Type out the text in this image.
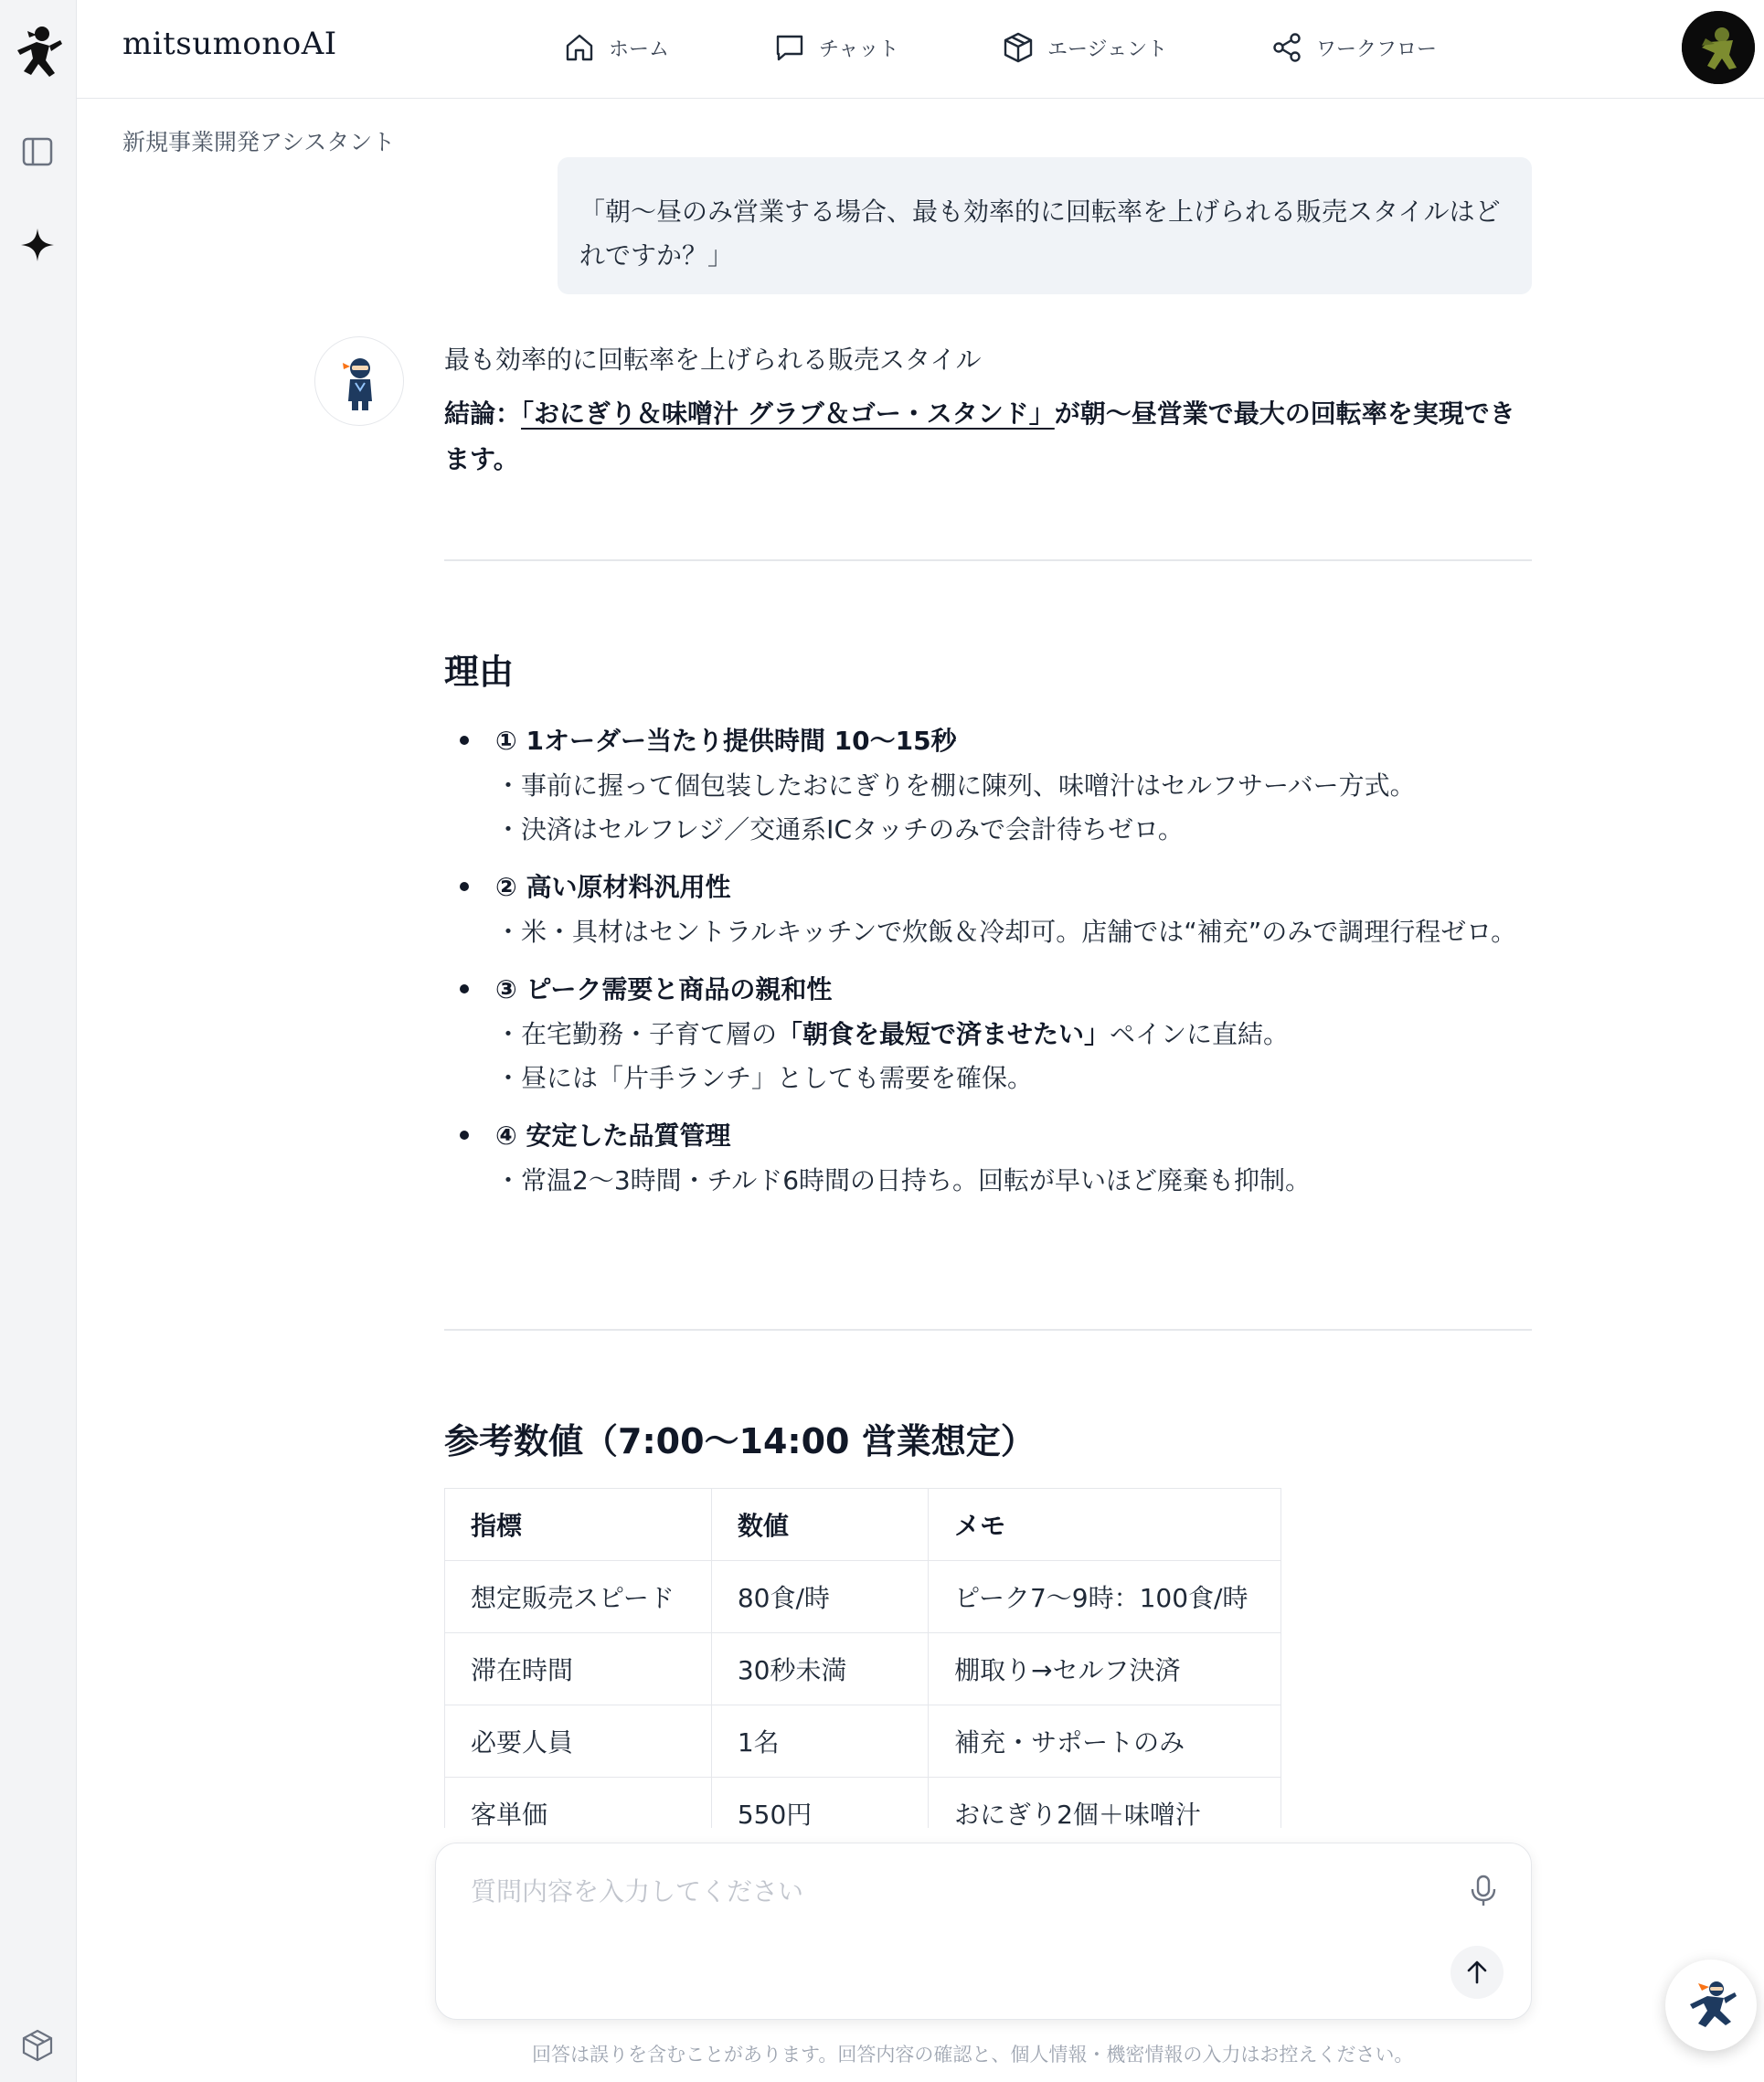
mitsumonoAI	ホーム	チャット	エージェント	ワークフロー
新規事業開発アシスタント
「朝〜昼のみ営業する場合、最も効率的に回転率を上げられる販売スタイルはどれですか？」
最も効率的に回転率を上げられる販売スタイル
結論：「おにぎり＆味噌汁 グラブ＆ゴー・スタンド」が朝〜昼営業で最大の回転率を実現できます。
理由
① 1オーダー当たり提供時間 10〜15秒
・事前に握って個包装したおにぎりを棚に陳列、味噌汁はセルフサーバー方式。
・決済はセルフレジ／交通系ICタッチのみで会計待ちゼロ。
② 高い原材料汎用性
・米・具材はセントラルキッチンで炊飯＆冷却可。店舗では“補充”のみで調理行程ゼロ。
③ ピーク需要と商品の親和性
・在宅勤務・子育て層の「朝食を最短で済ませたい」ペインに直結。
・昼には「片手ランチ」としても需要を確保。
④ 安定した品質管理
・常温2〜3時間・チルド6時間の日持ち。回転が早いほど廃棄も抑制。
参考数値（7:00〜14:00 営業想定）
指標	数値	メモ
想定販売スピード	80食/時	ピーク7〜9時：100食/時
滞在時間	30秒未満	棚取り→セルフ決済
必要人員	1名	補充・サポートのみ
客単価	550円	おにぎり2個＋味噌汁
質問内容を入力してください
回答は誤りを含むことがあります。回答内容の確認と、個人情報・機密情報の入力はお控えください。
